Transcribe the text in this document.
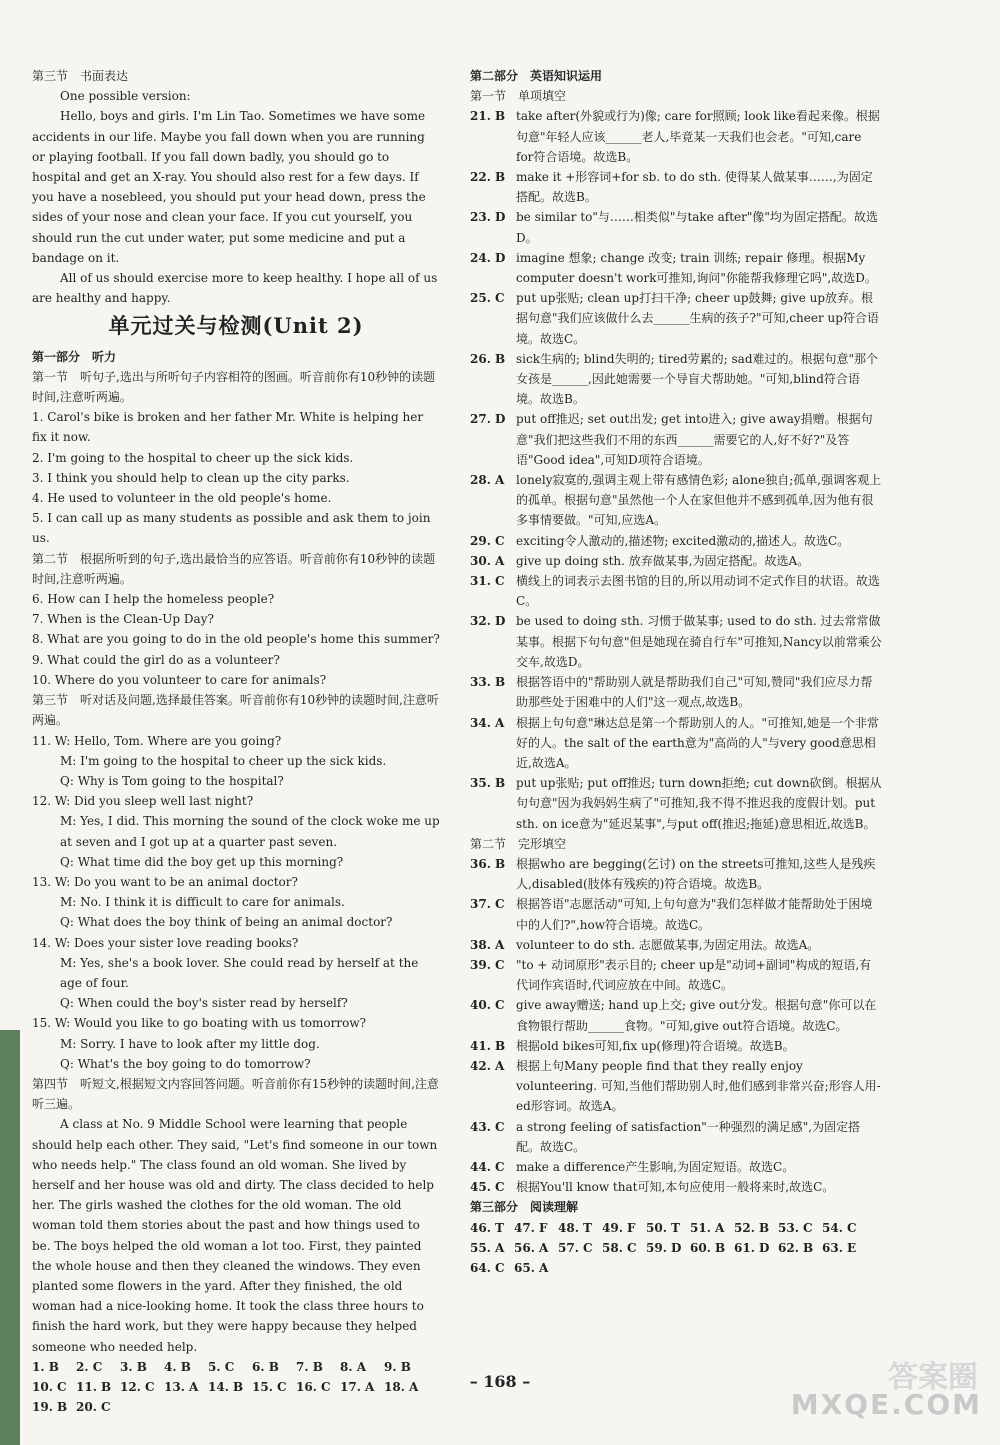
第三节　书面表达

One possible version:

Hello, boys and girls. I'm Lin Tao. Sometimes we have some accidents in our life. Maybe you fall down when you are running or playing football. If you fall down badly, you should go to hospital and get an X-ray. You should also rest for a few days. If you have a nosebleed, you should put your head down, press the sides of your nose and clean your face. If you cut yourself, you should run the cut under water, put some medicine and put a bandage on it.

All of us should exercise more to keep healthy. I hope all of us are healthy and happy.

单元过关与检测(Unit 2)

第一部分　听力

第一节　听句子,选出与所听句子内容相符的图画。听音前你有10秒钟的读题时间,注意听两遍。

1. Carol's bike is broken and her father Mr. White is helping her fix it now.

2. I'm going to the hospital to cheer up the sick kids.

3. I think you should help to clean up the city parks.

4. He used to volunteer in the old people's home.

5. I can call up as many students as possible and ask them to join us.

第二节　根据所听到的句子,选出最恰当的应答语。听音前你有10秒钟的读题时间,注意听两遍。

6. How can I help the homeless people?

7. When is the Clean-Up Day?

8. What are you going to do in the old people's home this summer?

9. What could the girl do as a volunteer?

10. Where do you volunteer to care for animals?

第三节　听对话及问题,选择最佳答案。听音前你有10秒钟的读题时间,注意听两遍。

11. W: Hello, Tom. Where are you going?

M: I'm going to the hospital to cheer up the sick kids.

Q: Why is Tom going to the hospital?

12. W: Did you sleep well last night?

M: Yes, I did. This morning the sound of the clock woke me up at seven and I got up at a quarter past seven.

Q: What time did the boy get up this morning?

13. W: Do you want to be an animal doctor?

M: No. I think it is difficult to care for animals.

Q: What does the boy think of being an animal doctor?

14. W: Does your sister love reading books?

M: Yes, she's a book lover. She could read by herself at the age of four.

Q: When could the boy's sister read by herself?

15. W: Would you like to go boating with us tomorrow?

M: Sorry. I have to look after my little dog.

Q: What's the boy going to do tomorrow?

第四节　听短文,根据短文内容回答问题。听音前你有15秒钟的读题时间,注意听三遍。

A class at No. 9 Middle School were learning that people should help each other. They said, "Let's find someone in our town who needs help." The class found an old woman. She lived by herself and her house was old and dirty. The class decided to help her. The girls washed the clothes for the old woman. The old woman told them stories about the past and how things used to be. The boys helped the old woman a lot too. First, they painted the whole house and then they cleaned the windows. They even planted some flowers in the yard. After they finished, the old woman had a nice-looking home. It took the class three hours to finish the hard work, but they were happy because they helped someone who needed help.

1. B	2. C	3. B	4. B	5. C	6. B	7. B	8. A	9. B
10. C 11. B 12. C 13. A 14. B 15. C 16. C 17. A 18. A
19. B 20. C

第二部分　英语知识运用

第一节　单项填空

21. B take after(外貌或行为)像; care for照顾; look like看起来像。根据句意"年轻人应该______老人,毕竟某一天我们也会老。"可知,care for符合语境。故选B。
22. B make it +形容词+for sb. to do sth. 使得某人做某事……,为固定搭配。故选B。
23. D be similar to"与……相类似"与take after"像"均为固定搭配。故选D。
24. D imagine 想象; change 改变; train 训练; repair 修理。根据My computer doesn't work可推知,询问"你能帮我修理它吗",故选D。
25. C put up张贴; clean up打扫干净; cheer up鼓舞; give up放弃。根据句意"我们应该做什么去______生病的孩子?"可知,cheer up符合语境。故选C。
26. B sick生病的; blind失明的; tired劳累的; sad难过的。根据句意"那个女孩是______,因此她需要一个导盲犬帮助她。"可知,blind符合语境。故选B。
27. D put off推迟; set out出发; get into进入; give away捐赠。根据句意"我们把这些我们不用的东西______需要它的人,好不好?"及答语"Good idea",可知D项符合语境。
28. A lonely寂寞的,强调主观上带有感情色彩; alone独自;孤单,强调客观上的孤单。根据句意"虽然他一个人在家但他并不感到孤单,因为他有很多事情要做。"可知,应选A。
29. C exciting令人激动的,描述物; excited激动的,描述人。故选C。
30. A give up doing sth. 放弃做某事,为固定搭配。故选A。
31. C 横线上的词表示去图书馆的目的,所以用动词不定式作目的状语。故选C。
32. D be used to doing sth. 习惯于做某事; used to do sth. 过去常常做某事。根据下句句意"但是她现在骑自行车"可推知,Nancy以前常乘公交车,故选D。
33. B 根据答语中的"帮助别人就是帮助我们自己"可知,赞同"我们应尽力帮助那些处于困难中的人们"这一观点,故选B。
34. A 根据上句句意"琳达总是第一个帮助别人的人。"可推知,她是一个非常好的人。the salt of the earth意为"高尚的人"与very good意思相近,故选A。
35. B put up张贴; put off推迟; turn down拒绝; cut down砍倒。根据从句句意"因为我妈妈生病了"可推知,我不得不推迟我的度假计划。put sth. on ice意为"延迟某事",与put off(推迟;拖延)意思相近,故选B。

第二节　完形填空

36. B 根据who are begging(乞讨) on the streets可推知,这些人是残疾人,disabled(肢体有残疾的)符合语境。故选B。
37. C 根据答语"志愿活动"可知,上句句意为"我们怎样做才能帮助处于困境中的人们?",how符合语境。故选C。
38. A volunteer to do sth. 志愿做某事,为固定用法。故选A。
39. C "to + 动词原形"表示目的; cheer up是"动词+副词"构成的短语,有代词作宾语时,代词应放在中间。故选C。
40. C give away赠送; hand up上交; give out分发。根据句意"你可以在食物银行帮助______食物。"可知,give out符合语境。故选C。
41. B 根据old bikes可知,fix up(修理)符合语境。故选B。
42. A 根据上句Many people find that they really enjoy volunteering. 可知,当他们帮助别人时,他们感到非常兴奋;形容人用-ed形容词。故选A。
43. C a strong feeling of satisfaction"一种强烈的满足感",为固定搭配。故选C。
44. C make a difference产生影响,为固定短语。故选C。
45. C 根据You'll know that可知,本句应使用一般将来时,故选C。

第三部分　阅读理解

46. T 47. F 48. T 49. F 50. T 51. A 52. B 53. C 54. C
55. A 56. A 57. C 58. C 59. D 60. B 61. D 62. B 63. E
64. C 65. A
– 168 –	答案圈
MXQE.COM
